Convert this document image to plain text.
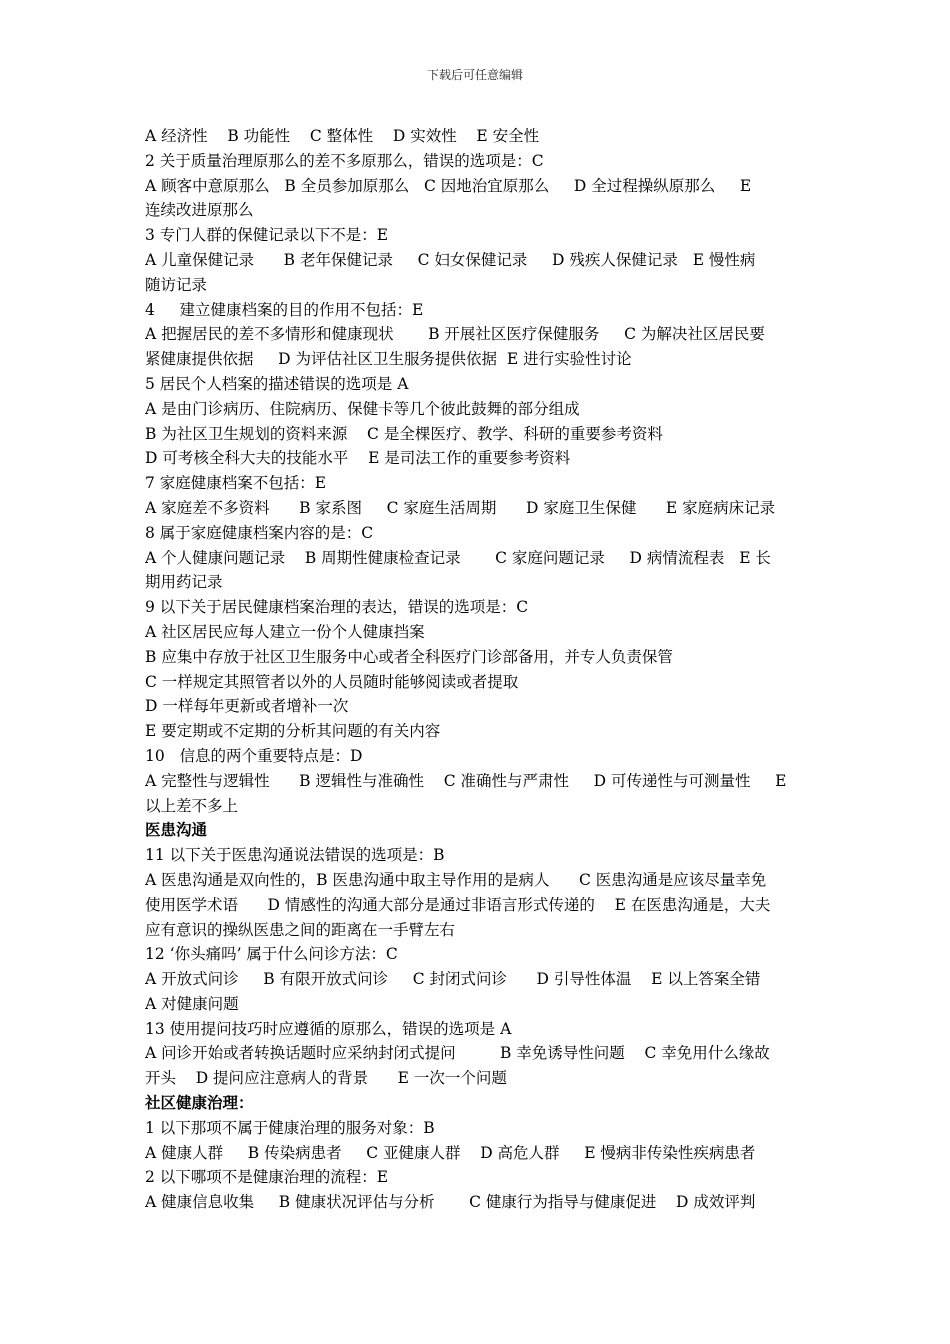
下载后可任意编辑
A 经济性    B 功能性    C 整体性    D 实效性    E 安全性
2 关于质量治理原那么的差不多原那么，错误的选项是：C
A 顾客中意原那么   B 全员参加原那么   C 因地治宜原那么     D 全过程操纵原那么     E
连续改进原那么
3 专门人群的保健记录以下不是：E
A 儿童保健记录      B 老年保健记录     C 妇女保健记录     D 残疾人保健记录   E 慢性病
随访记录
4     建立健康档案的目的作用不包括：E
A 把握居民的差不多情形和健康现状       B 开展社区医疗保健服务     C 为解决社区居民要
紧健康提供依据     D 为评估社区卫生服务提供依据  E 进行实验性讨论
5 居民个人档案的描述错误的选项是 A
A 是由门诊病历、住院病历、保健卡等几个彼此鼓舞的部分组成
B 为社区卫生规划的资料来源    C 是全棵医疗、教学、科研的重要参考资料
D 可考核全科大夫的技能水平    E 是司法工作的重要参考资料
7 家庭健康档案不包括：E
A 家庭差不多资料      B 家系图     C 家庭生活周期      D 家庭卫生保健      E 家庭病床记录
8 属于家庭健康档案内容的是：C
A 个人健康问题记录    B 周期性健康检查记录       C 家庭问题记录     D 病情流程表   E 长
期用药记录
9 以下关于居民健康档案治理的表达，错误的选项是：C
A 社区居民应每人建立一份个人健康挡案
B 应集中存放于社区卫生服务中心或者全科医疗门诊部备用，并专人负责保管
C 一样规定其照管者以外的人员随时能够阅读或者提取
D 一样每年更新或者增补一次
E 要定期或不定期的分析其问题的有关内容
10   信息的两个重要特点是：D
A 完整性与逻辑性      B 逻辑性与准确性    C 准确性与严肃性     D 可传递性与可测量性     E
以上差不多上
医患沟通
11 以下关于医患沟通说法错误的选项是：B
A 医患沟通是双向性的，B 医患沟通中取主导作用的是病人      C 医患沟通是应该尽量幸免
使用医学术语      D 情感性的沟通大部分是通过非语言形式传递的    E 在医患沟通是，大夫
应有意识的操纵医患之间的距离在一手臂左右
12 ‘你头痛吗’ 属于什么问诊方法：C
A 开放式问诊     B 有限开放式问诊     C 封闭式问诊      D 引导性体温    E 以上答案全错
A 对健康问题
13 使用提问技巧时应遵循的原那么，错误的选项是 A
A 问诊开始或者转换话题时应采纳封闭式提问         B 幸免诱导性问题    C 幸免用什么缘故
开头    D 提问应注意病人的背景      E 一次一个问题
社区健康治理：
1 以下那项不属于健康治理的服务对象：B
A 健康人群     B 传染病患者     C 亚健康人群    D 高危人群     E 慢病非传染性疾病患者
2 以下哪项不是健康治理的流程：E
A 健康信息收集     B 健康状况评估与分析       C 健康行为指导与健康促进    D 成效评判
